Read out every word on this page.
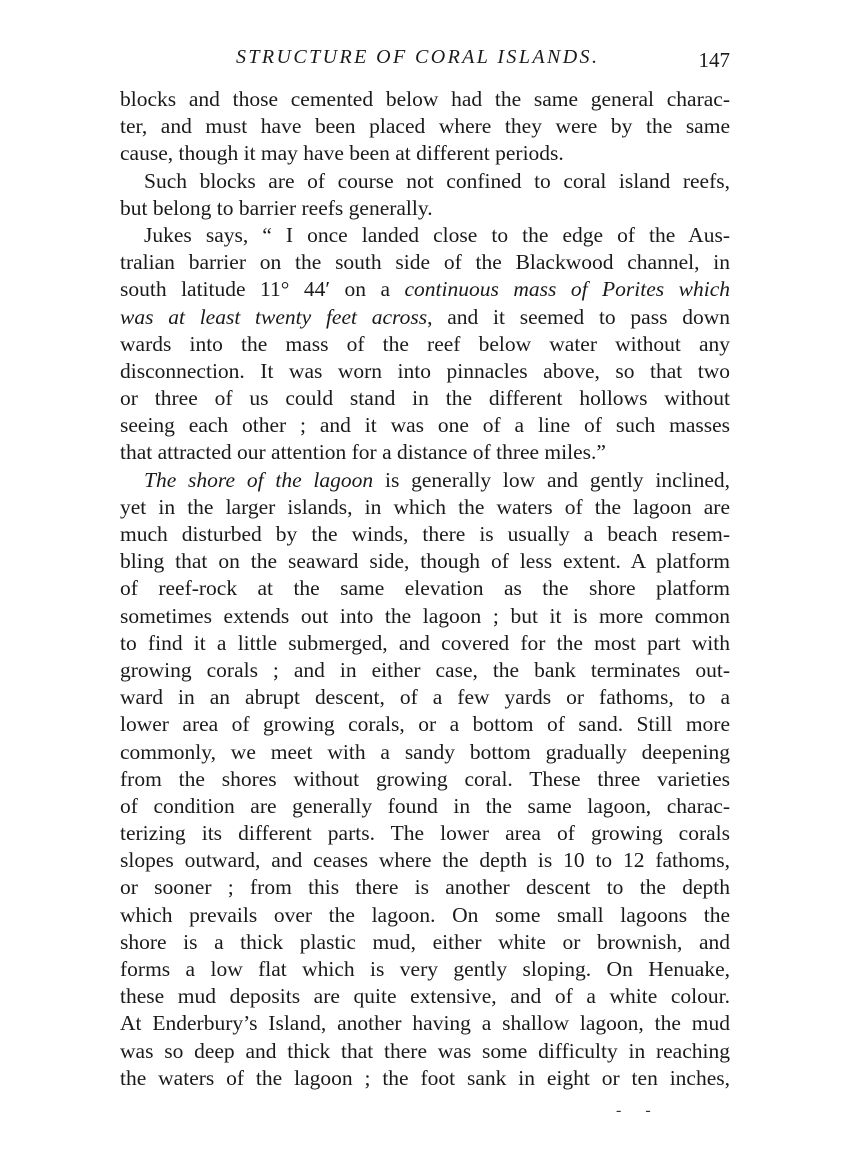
STRUCTURE OF CORAL ISLANDS.	147
blocks and those cemented below had the same general charac-
ter, and must have been placed where they were by the same
cause, though it may have been at different periods.
Such blocks are of course not confined to coral island reefs,
but belong to barrier reefs generally.
Jukes says, “ I once landed close to the edge of the Aus-
tralian barrier on the south side of the Blackwood channel, in
south latitude 11° 44′ on a continuous mass of Porites which
was at least twenty feet across, and it seemed to pass down
wards into the mass of the reef below water without any
disconnection. It was worn into pinnacles above, so that two
or three of us could stand in the different hollows without
seeing each other ; and it was one of a line of such masses
that attracted our attention for a distance of three miles.”
The shore of the lagoon is generally low and gently inclined,
yet in the larger islands, in which the waters of the lagoon are
much disturbed by the winds, there is usually a beach resem-
bling that on the seaward side, though of less extent. A platform
of reef-rock at the same elevation as the shore platform
sometimes extends out into the lagoon ; but it is more common
to find it a little submerged, and covered for the most part with
growing corals ; and in either case, the bank terminates out-
ward in an abrupt descent, of a few yards or fathoms, to a
lower area of growing corals, or a bottom of sand. Still more
commonly, we meet with a sandy bottom gradually deepening
from the shores without growing coral. These three varieties
of condition are generally found in the same lagoon, charac-
terizing its different parts. The lower area of growing corals
slopes outward, and ceases where the depth is 10 to 12 fathoms,
or sooner ; from this there is another descent to the depth
which prevails over the lagoon. On some small lagoons the
shore is a thick plastic mud, either white or brownish, and
forms a low flat which is very gently sloping. On Henuake,
these mud deposits are quite extensive, and of a white colour.
At Enderbury’s Island, another having a shallow lagoon, the mud
was so deep and thick that there was some difficulty in reaching
the waters of the lagoon ; the foot sank in eight or ten inches,
- -
